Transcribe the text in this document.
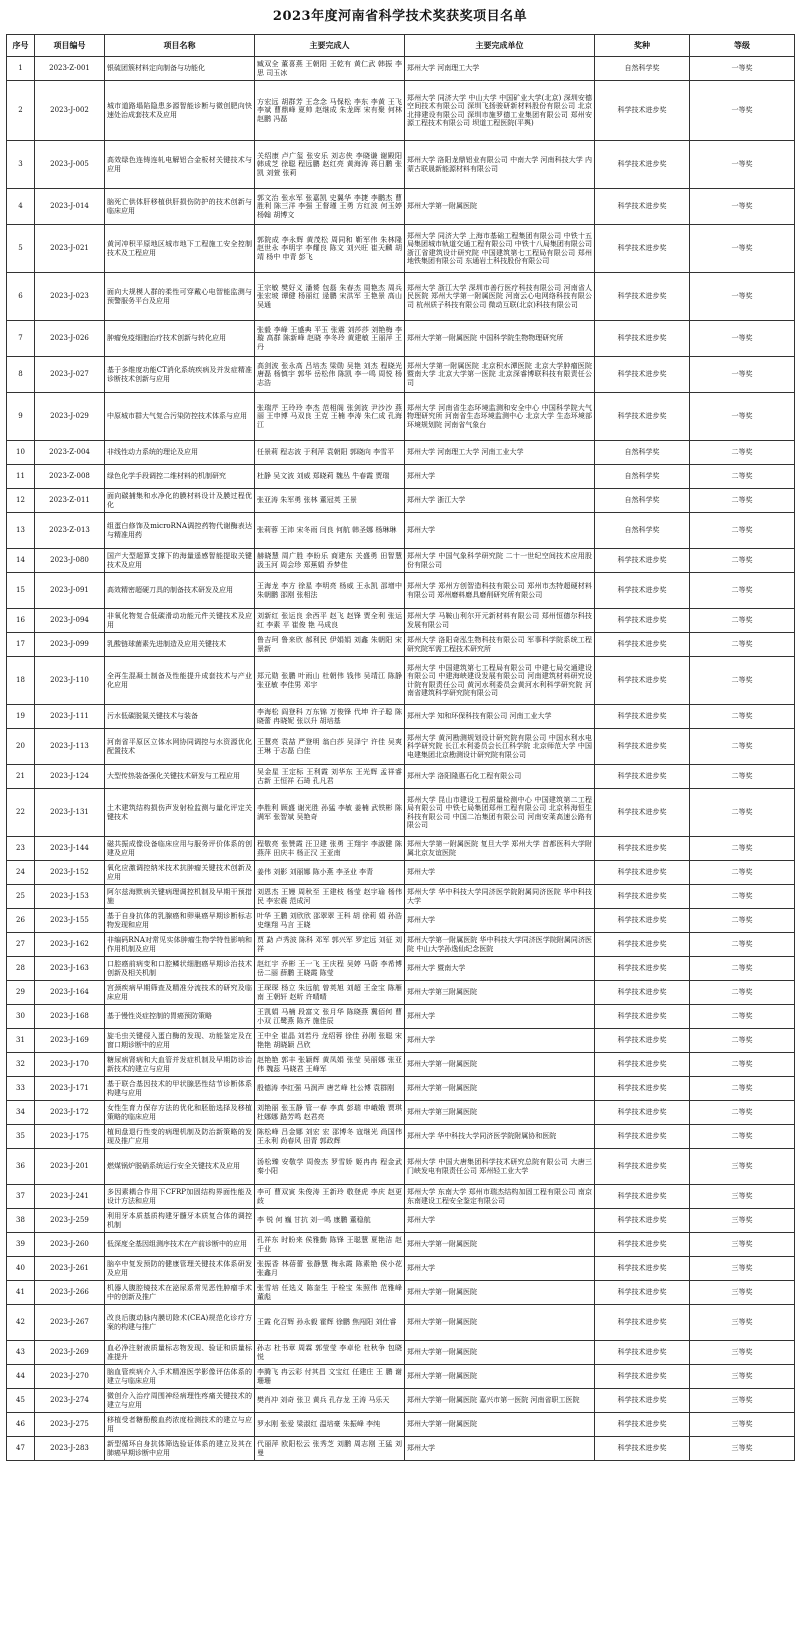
2023年度河南省科学技术奖获奖项目名单
序号	项目编号	项目名称	主要完成人	主要完成单位	奖种	等级
1	2023-Z-001	银硫团簇材料定向制备与功能化	臧双全 董喜燕 王朝阳 王乾有 黄仁武 韩振 李思 司玉冰	郑州大学 河南理工大学	自然科学奖	一等奖
2	2023-J-002	城市道路塌陷隐患多源智能诊断与微创肥向快速处治成套技术及应用	方宏远 胡群芳 王念念 马保松 李东 李黄 王飞 李斌 曹鼎峰 夏帅 赵继成 朱龙晖 宋有聚 何林 赵鹏 冯磊	郑州大学 同济大学 中山大学 中国矿业大学(北京) 深圳安德空间技术有限公司 深圳飞扬骏研新材料股份有限公司 北京北排建设有限公司 深圳市施罗德工业集团有限公司 郑州安源工程技术有限公司 坝道工程医院(平舆)	科学技术进步奖	一等奖
3	2023-J-005	高效绿色连铸连轧电解铝合金板材关键技术与应用	关绍康 卢广玺 张安乐 刘志侠 李晓谦 谢殿阳 韩成芝 徐聪 程远鹏 赵红亮 黄海涛 蒋日鹏 张凯 刘萱 张莉	郑州大学 洛阳龙鼎铝业有限公司 中南大学 河南科技大学 内蒙古联晟新能源材料有限公司	科学技术进步奖	一等奖
4	2023-J-014	脑死亡供体肝移植供肝损伤防护的技术创新与临床应用	郭文治 张水军 张嘉凯 史翼华 李捷 李鹏杰 曹胜利 陈三洋 李强 王督瑾 王勇 方红波 何玉婷 杨翰 胡博文	郑州大学第一附属医院	科学技术进步奖	一等奖
5	2023-J-021	黄河冲积平原地区城市地下工程施工安全控制技术及工程应用	郭院成 李永辉 黄茂松 周同和 靳军伟 朱林隆 赵世永 李明宇 李耀良 陈文 刘兴旺 崔天麟 胡靖 杨中 申青 彭飞	郑州大学 同济大学 上海市基础工程集团有限公司 中铁十五局集团城市轨道交通工程有限公司 中铁十八局集团有限公司 浙江省建筑设计研究院 中国建筑第七工程局有限公司 郑州地铁集团有限公司 东通岩土科技股份有限公司	科学技术进步奖	一等奖
6	2023-J-023	面向大规模人群的柔性可穿戴心电智能监测与预警服务平台及应用	王宗敏 樊好义 潘赟 包磊 朱春杰 周艳杰 周兵 张宏坡 谭健 杨丽红 逯鹏 宋洪军 王艳景 高山 吴通	郑州大学 浙江大学 深圳市善行医疗科技有限公司 河南省人民医院 郑州大学第一附属医院 河南云心电网络科技有限公司 杭州质子科技有限公司 微动互联(北京)科技有限公司	科学技术进步奖	一等奖
7	2023-J-026	肿瘤免疫细胞治疗技术创新与转化应用	张毅 李峰 王盛典 平玉 张震 刘莎莎 刘艳梅 李璇 高群 陈新峰 赵晓 李冬玲 黄建敏 王丽萍 王丹	郑州大学第一附属医院 中国科学院生物物理研究所	科学技术进步奖	一等奖
8	2023-J-027	基于多维度功能CT消化系统疾病及并发症精准诊断技术创新与应用	高剑波 张永高 吕培杰 梁勋 吴艳 刘杰 程晓光 唐磊 杨慎宇 郭华 岳松伟 陈凯 李一鸣 周悦 杨志浩	郑州大学第一附属医院 北京积水潭医院 北京大学肿瘤医院 暨南大学 北京大学第一医院 北京深睿博联科技有限责任公司	科学技术进步奖	一等奖
9	2023-J-029	中原城市群大气复合污染防控技术体系与应用	张瑞芹 王玲玲 李杰 范相阁 张剑波 尹沙沙 燕丽 王申博 马双良 王克 王楠 李涛 朱仁成 孔海江	郑州大学 河南省生态环境监测和安全中心 中国科学院大气物理研究所 河南省生态环境监测中心 北京大学 生态环境部环境规划院 河南省气象台	科学技术进步奖	一等奖
10	2023-Z-004	非线性动力系统的理论及应用	任景莉 程志波 于利萍 袁朝阳 郭晓向 李雪平	郑州大学 河南理工大学 河南工业大学	自然科学奖	二等奖
11	2023-Z-008	绿色化学手段调控二维材料的机制研究	杜静 吴文波 刘威 郑晓莉 魏丛 牛春霞 贾瑞	郑州大学	自然科学奖	二等奖
12	2023-Z-011	面向碳捕集和水净化的膜材料设计及膜过程优化	张亚涛 朱军勇 张林 董冠英 王景	郑州大学 浙江大学	自然科学奖	二等奖
13	2023-Z-013	组蛋白修饰及microRNA调控药物代谢酶表达与精准用药	张莉蓉 王沛 宋冬雨 闫良 何航 韩圣娜 杨琳琳	郑州大学	自然科学奖	二等奖
14	2023-J-080	国产大型超算支撑下的海量遥感智能提取关键技术及应用	赫晓慧 周广胜 李盼乐 商建东 关盛勇 田智慧 汲玉河 周会珍 郑蕉娟 乔梦佳	郑州大学 中国气象科学研究院 二十一世纪空间技术应用股份有限公司	科学技术进步奖	二等奖
15	2023-J-091	高效精密超硬刀具的制备技术研发及应用	王海龙 李方 徐星 李明亮 杨威 王永凯 邵增中 朱朝鹏 邵刚 张相法	郑州大学 郑州方创智造科技有限公司 郑州市杰特超硬材料有限公司 郑州磨料磨具磨削研究所有限公司	科学技术进步奖	二等奖
16	2023-J-094	非氧化物复合低碳滑动功能元件关键技术及应用	刘新红 张运良 余西平 赵飞 赵锋 贾全利 张运红 李素 平 崔俊 艳 马成良	郑州大学 马鞍山利尔开元新材料有限公司 郑州恒德尔科技发展有限公司	科学技术进步奖	二等奖
17	2023-J-099	乳酸链球菌素先进制造及应用关键技术	鲁吉珂 鲁来欣 郝利民 伊娟娟 刘鑫 朱朝阳 宋景新	郑州大学 洛阳奇泓生物科技有限公司 军事科学院系统工程研究院军需工程技术研究所	科学技术进步奖	二等奖
18	2023-J-110	全再生混凝土制备及性能提升成套技术与产业化应用	郑元勋 张鹏 叶雨山 杜朝伟 钱伟 吴靖江 陈静 张亚敏 李佳男 邓宇	郑州大学 中国建筑第七工程局有限公司 中建七局交通建设有限公司 中建海峡建设发展有限公司 河南建筑材料研究设计院有限责任公司 黄河水利委员会黄河水利科学研究院 河南省建筑科学研究院有限公司	科学技术进步奖	二等奖
19	2023-J-111	污水低碳脱氮关键技术与装备	李海松 阎登科 万东锦 万俊锋 代坤 许子聪 陈晓蕾 冉晓妮 张以升 胡培基	郑州大学 知和环保科技有限公司 河南工业大学	科学技术进步奖	二等奖
20	2023-J-113	河南省平原区立体水网协同调控与水资源优化配置技术	王慧亮 袁喆 严登明 翁白莎 吴泽宁 许佳 吴爽 王琳 于志磊 白佳	郑州大学 黄河勘测规划设计研究院有限公司 中国水利水电科学研究院 长江水利委员会长江科学院 北京师范大学 中国电建集团北京勘测设计研究院有限公司	科学技术进步奖	二等奖
21	2023-J-124	大型传热装备强化关键技术研发与工程应用	吴金星 王定标 王利霞 刘华东 王光辉 孟祥睿 古新 王恒祥 石琦 孔凡君	郑州大学 洛阳隆惠石化工程有限公司	科学技术进步奖	二等奖
22	2023-J-131	土木建筑结构损伤声发射检监测与量化评定关键技术	李胜利 顾盛 谢光胜 孙猛 李敏 姜楠 武铁彬 陈满军 张智斌 吴艳奇	郑州大学 昆山市建设工程质量检测中心 中国建筑第二工程局有限公司 中铁七局集团郑州工程有限公司 北京科海恒生科技有限公司 中国二冶集团有限公司 河南安莱高速公路有限公司	科学技术进步奖	二等奖
23	2023-J-144	磁共振成像设备临床应用与服务评价体系的创建及应用	程敬亮 张赞霞 汪卫建 张勇 王翔宇 李淑健 陈燕萍 田庆丰 杨正汉 王亚南	郑州大学第一附属医院 复旦大学 郑州大学 首都医科大学附属北京友谊医院	科学技术进步奖	二等奖
24	2023-J-152	氧化应激调控纳米技术抗肿瘤关键技术创新及应用	姜伟 刘影 刘丽娜 陈小燕 李圣业 李青	郑州大学	科学技术进步奖	二等奖
25	2023-J-153	阿尔兹海默病关键病理调控机制及早期干预措施	刘恩杰 王嫚 周秋至 王建枝 杨莹 赵宇瑜 杨伟民 李宏震 范成河	郑州大学 华中科技大学同济医学院附属同济医院 华中科技大学	科学技术进步奖	二等奖
26	2023-J-155	基于自身抗体的乳腺癌和卵巢癌早期诊断标志物发现和应用	叶华 王鹏 刘欣欣 邵翠翠 王科 胡 徐莉 娟 孙浩 史继翔 马言 王晓	郑州大学	科学技术进步奖	二等奖
27	2023-J-162	非编码RNA对常见实体肿瘤生物学特性影响和作用机制及应用	贾 勐 卢秀波 陈科 邓军 郭兴军 罗定远 刘征 刘祥	郑州大学第一附属医院 华中科技大学同济医学院附属同济医院 中山大学孙逸仙纪念医院	科学技术进步奖	二等奖
28	2023-J-163	口腔癌前病变和口腔鳞状细胞癌早期诊治技术创新及相关机制	赵红宇 乔彬 王一飞 王庆程 吴婷 马蔚 李希博 岳二丽 薛鹏 王晓霞 陈莹	郑州大学 暨南大学	科学技术进步奖	二等奖
29	2023-J-164	宫颈疾病早期筛查及精准分流技术的研究及临床应用	王琛琛 杨立 朱远航 曾英旭 刘超 王金宝 陈雁南 王朝轩 赵昕 许晴晴	郑州大学第三附属医院	科学技术进步奖	二等奖
30	2023-J-168	基于慢性炎症控制的胃癌预防策略	王凯娟 马楠 段富文 张月华 陈晓燕 冀佰何 曹小双 江鹭燕 陈齐 施佳辰	郑州大学	科学技术进步奖	二等奖
31	2023-J-169	旋毛虫关键侵入蛋白酶的发现、功能鉴定及在窗口期诊断中的应用	王中全 崔晶 刘若丹 龙绍蓉 徐佳 孙刚 张聪 宋艳艳 胡晓颖 吕欣	郑州大学	科学技术进步奖	二等奖
32	2023-J-170	糖尿病肾病和大血管并发症机制及早期防诊治新技术的建立与应用	赵艳艳 郭丰 张颖辉 黄凤娟 张莹 吴丽娜 张亚伟 魏蕊 马晓君 王峰军	郑州大学第一附属医院	科学技术进步奖	二等奖
33	2023-J-171	基于联合基因技术的甲状腺恶性结节诊断体系构建与应用	殷德涛 李红强 马润声 唐艺峰 杜公博 袁群刚	郑州大学第一附属医院	科学技术进步奖	二等奖
34	2023-J-172	女性生育力保存方法的优化和胚胎选择及移植策略的临床应用	刘艳丽 张玉静 管一春 李真 彭瑞 申峨娥 贾琪 杜娜娜 路芳鸣 赵君亮	郑州大学第三附属医院	科学技术进步奖	二等奖
35	2023-J-175	植间盘退行性变的病理机制及防治新策略的发现及推广应用	陈松峰 吕金娜 刘宏 宏 邵博冬 寇继光 尚国伟 王永利 尚春风 田青 郭政辉	郑州大学 华中科技大学同济医学院附属协和医院	科学技术进步奖	二等奖
36	2023-J-201	燃煤锅炉脱硝系统运行安全关键技术及应用	汤松臻 安敬学 周俊杰 罗雪娇 姬冉冉 程金武 秦小阳	郑州大学 中国大唐集团科学技术研究总院有限公司 大唐三门峡发电有限责任公司 郑州轻工业大学	科学技术进步奖	三等奖
37	2023-J-241	多因素耦合作用下CFRP加固结构界面性能及设计方法和应用	李可 曹双寅 朱俊涛 王新玲 敬登虎 李庆 赵更歧	郑州大学 东南大学 郑州市瑞杰结构加固工程有限公司 南京东南建设工程安全鉴定有限公司	科学技术进步奖	三等奖
38	2023-J-259	利用牙本质基质构建牙髓牙本质复合体的调控机制	李 锐 何 巍 甘抗 刘一鸣 康鹏 董稳航	郑州大学	科学技术进步奖	三等奖
39	2023-J-260	低深度全基因组测序技术在产前诊断中的应用	孔祥东 时盼来 侯雅勤 陈锋 王聪慧 夏艳洁 赵千业	郑州大学第一附属医院	科学技术进步奖	三等奖
40	2023-J-261	脑卒中复发预防的健康管理关键技术体系研发及应用	张振香 林蓓蕾 张静慧 梅永霞 陈素艳 侯小花 张鑫月	郑州大学	科学技术进步奖	三等奖
41	2023-J-266	机器人腹腔镜技术在泌尿系常见恶性肿瘤手术中的创新及推广	张雪培 任选义 陈奎生 于栓宝 朱照伟 范雅峰 董彪	郑州大学第一附属医院	科学技术进步奖	三等奖
42	2023-J-267	改良后腹动脉内膜切除术(CEA)规范化诊疗方案的构建与推广	王霞 化召辉 孙永毅 霍辉 徐鹏 焦闯阳 刘仕睿	郑州大学第一附属医院	科学技术进步奖	三等奖
43	2023-J-269	血必净注射液质量标志物发现、验证和质量标准提升	孙志 杜书章 周霖 郭莹莹 李卓伦 杜秋争 包晓悦	郑州大学第一附属医院	科学技术进步奖	三等奖
44	2023-J-270	脑血管疾病介入手术精准医学影像评估体系的建立与临床应用	李腾飞 冉云彩 付其昌 文宝红 任建庄 王 鹏 谢珊珊	郑州大学第一附属医院	科学技术进步奖	三等奖
45	2023-J-274	微创介入治疗周围神经病理性疼痛关键技术的建立与应用	樊肖冲 刘奇 张卫 黄兵 孔存龙 王涛 马乐天	郑州大学第一附属医院 嘉兴市第一医院 河南省职工医院	科学技术进步奖	三等奖
46	2023-J-275	移植受者糖酚酸血药浓度检测技术的建立与应用	罗水刚 张爱 梁淑红 温培豪 朱振峰 李纯	郑州大学第一附属医院	科学技术进步奖	三等奖
47	2023-J-283	新型循环自身抗体筛选验证体系的建立及其在肺癌早期诊断中应用	代丽萍 欧阳松云 张秀芝 刘鹏 周志刚 王猛 刘曼	郑州大学	科学技术进步奖	三等奖
